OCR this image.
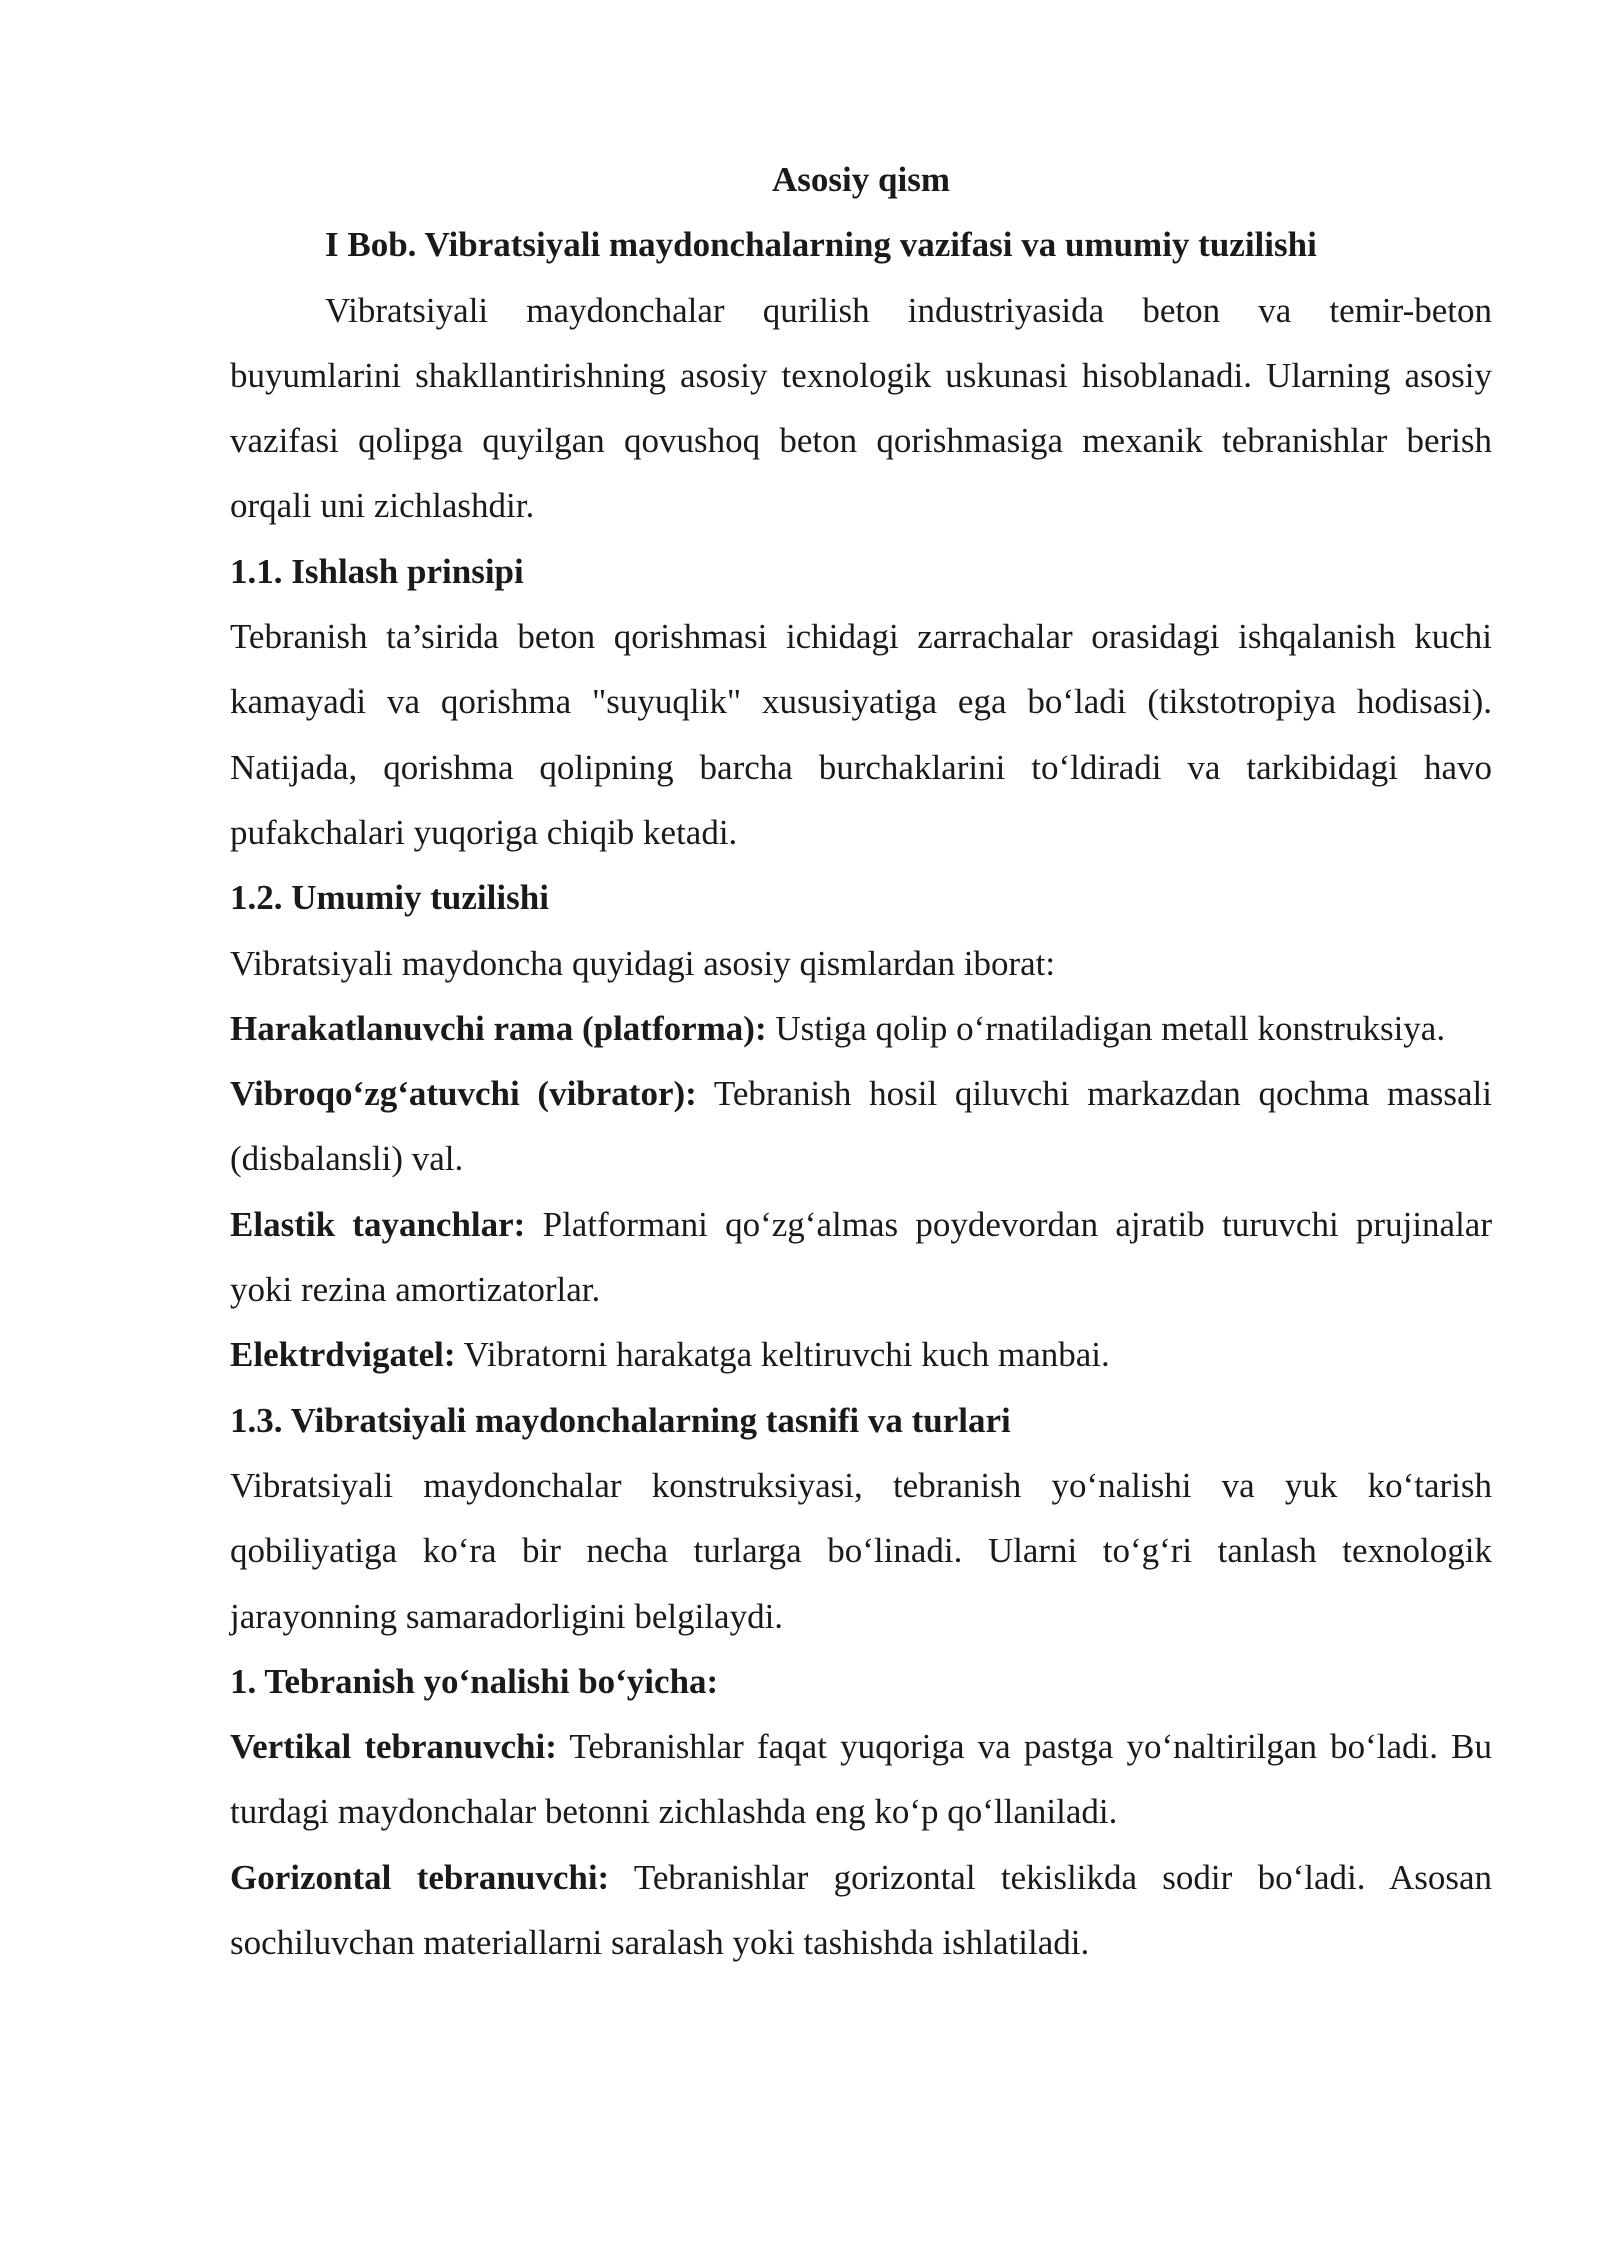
Asosiy qism

I Bob. Vibratsiyali maydonchalarning vazifasi va umumiy tuzilishi

Vibratsiyali maydonchalar qurilish industriyasida beton va temir-beton buyumlarini shakllantirishning asosiy texnologik uskunasi hisoblanadi. Ularning asosiy vazifasi qolipga quyilgan qovushoq beton qorishmasiga mexanik tebranishlar berish orqali uni zichlashdir.

1.1. Ishlash prinsipi

Tebranish ta’sirida beton qorishmasi ichidagi zarrachalar orasidagi ishqalanish kuchi kamayadi va qorishma "suyuqlik" xususiyatiga ega bo‘ladi (tikstotropiya hodisasi). Natijada, qorishma qolipning barcha burchaklarini to‘ldiradi va tarkibidagi havo pufakchalari yuqoriga chiqib ketadi.

1.2. Umumiy tuzilishi

Vibratsiyali maydoncha quyidagi asosiy qismlardan iborat:

Harakatlanuvchi rama (platforma): Ustiga qolip o‘rnatiladigan metall konstruksiya.

Vibroqo‘zg‘atuvchi (vibrator): Tebranish hosil qiluvchi markazdan qochma massali (disbalansli) val.

Elastik tayanchlar: Platformani qo‘zg‘almas poydevordan ajratib turuvchi prujinalar yoki rezina amortizatorlar.

Elektrdvigatel: Vibratorni harakatga keltiruvchi kuch manbai.

1.3. Vibratsiyali maydonchalarning tasnifi va turlari

Vibratsiyali maydonchalar konstruksiyasi, tebranish yo‘nalishi va yuk ko‘tarish qobiliyatiga ko‘ra bir necha turlarga bo‘linadi. Ularni to‘g‘ri tanlash texnologik jarayonning samaradorligini belgilaydi.

1. Tebranish yo‘nalishi bo‘yicha:

Vertikal tebranuvchi: Tebranishlar faqat yuqoriga va pastga yo‘naltirilgan bo‘ladi. Bu turdagi maydonchalar betonni zichlashda eng ko‘p qo‘llaniladi.

Gorizontal tebranuvchi: Tebranishlar gorizontal tekislikda sodir bo‘ladi. Asosan sochiluvchan materiallarni saralash yoki tashishda ishlatiladi.
